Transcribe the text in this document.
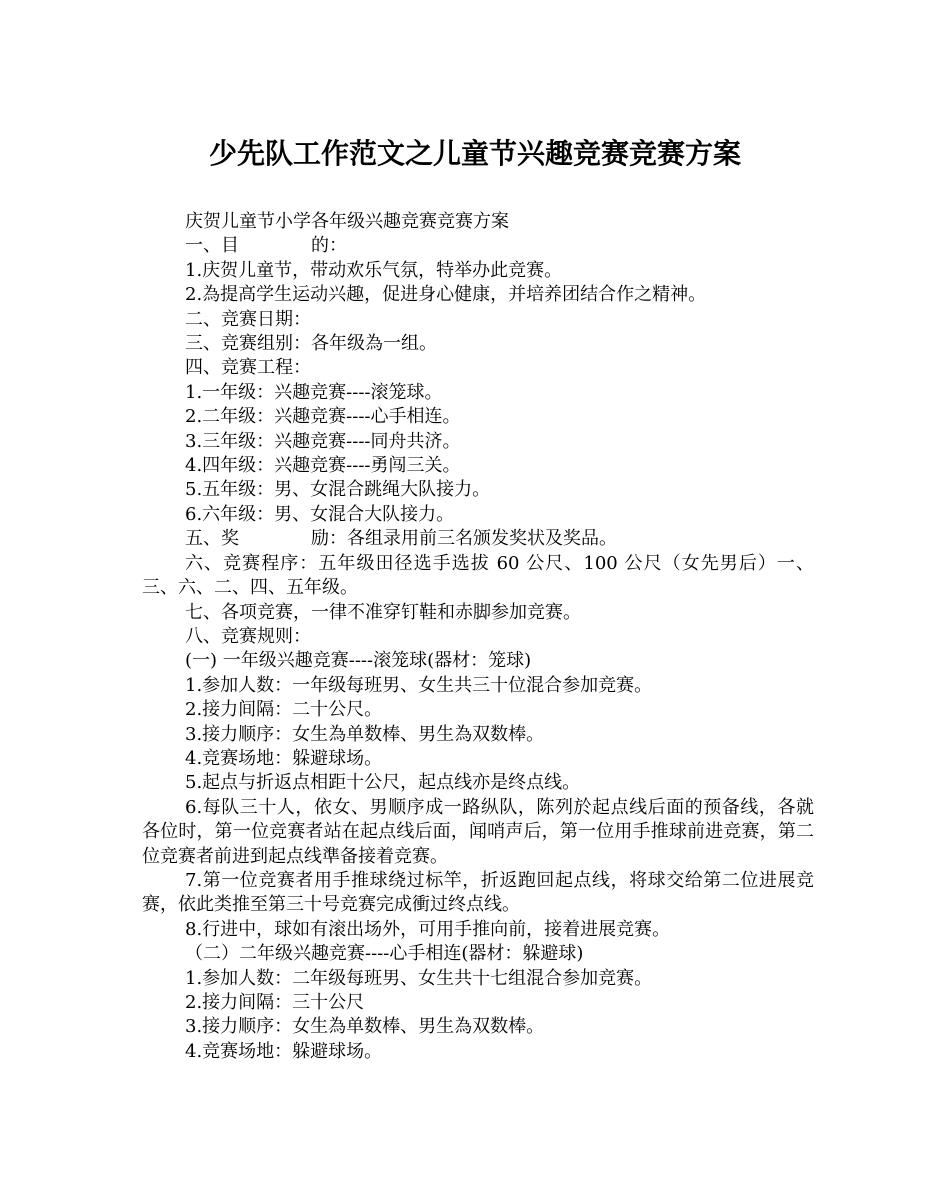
少先队工作范文之儿童节兴趣竞赛竞赛方案

庆贺儿童节小学各年级兴趣竞赛竞赛方案

一、目　　　　的：

1.庆贺儿童节，带动欢乐气氛，特举办此竞赛。

2.為提高学生运动兴趣，促进身心健康，并培养团结合作之精神。

二、竞赛日期：

三、竞赛组别：各年级為一组。

四、竞赛工程：

1.一年级：兴趣竞赛----滚笼球。

2.二年级：兴趣竞赛----心手相连。

3.三年级：兴趣竞赛----同舟共济。

4.四年级：兴趣竞赛----勇闯三关。

5.五年级：男、女混合跳绳大队接力。

6.六年级：男、女混合大队接力。

五、奖　　　　励：各组录用前三名颁发奖状及奖品。

六、竞赛程序：五年级田径选手选拔 60 公尺、100 公尺（女先男后）一、三、六、二、四、五年级。

七、各项竞赛，一律不准穿钉鞋和赤脚参加竞赛。

八、竞赛规则：

(一) 一年级兴趣竞赛----滚笼球(器材：笼球)

1.参加人数：一年级每班男、女生共三十位混合参加竞赛。

2.接力间隔：二十公尺。

3.接力顺序：女生為单数棒、男生為双数棒。

4.竞赛场地：躲避球场。

5.起点与折返点相距十公尺，起点线亦是终点线。

6.每队三十人，依女、男顺序成一路纵队，陈列於起点线后面的预备线，各就各位时，第一位竞赛者站在起点线后面，闻哨声后，第一位用手推球前进竞赛，第二位竞赛者前进到起点线準备接着竞赛。

7.第一位竞赛者用手推球绕过标竿，折返跑回起点线，将球交给第二位进展竞赛，依此类推至第三十号竞赛完成衝过终点线。

8.行进中，球如有滚出场外，可用手推向前，接着进展竞赛。

（二）二年级兴趣竞赛----心手相连(器材：躲避球)

1.参加人数：二年级每班男、女生共十七组混合参加竞赛。

2.接力间隔：三十公尺

3.接力顺序：女生為单数棒、男生為双数棒。

4.竞赛场地：躲避球场。
